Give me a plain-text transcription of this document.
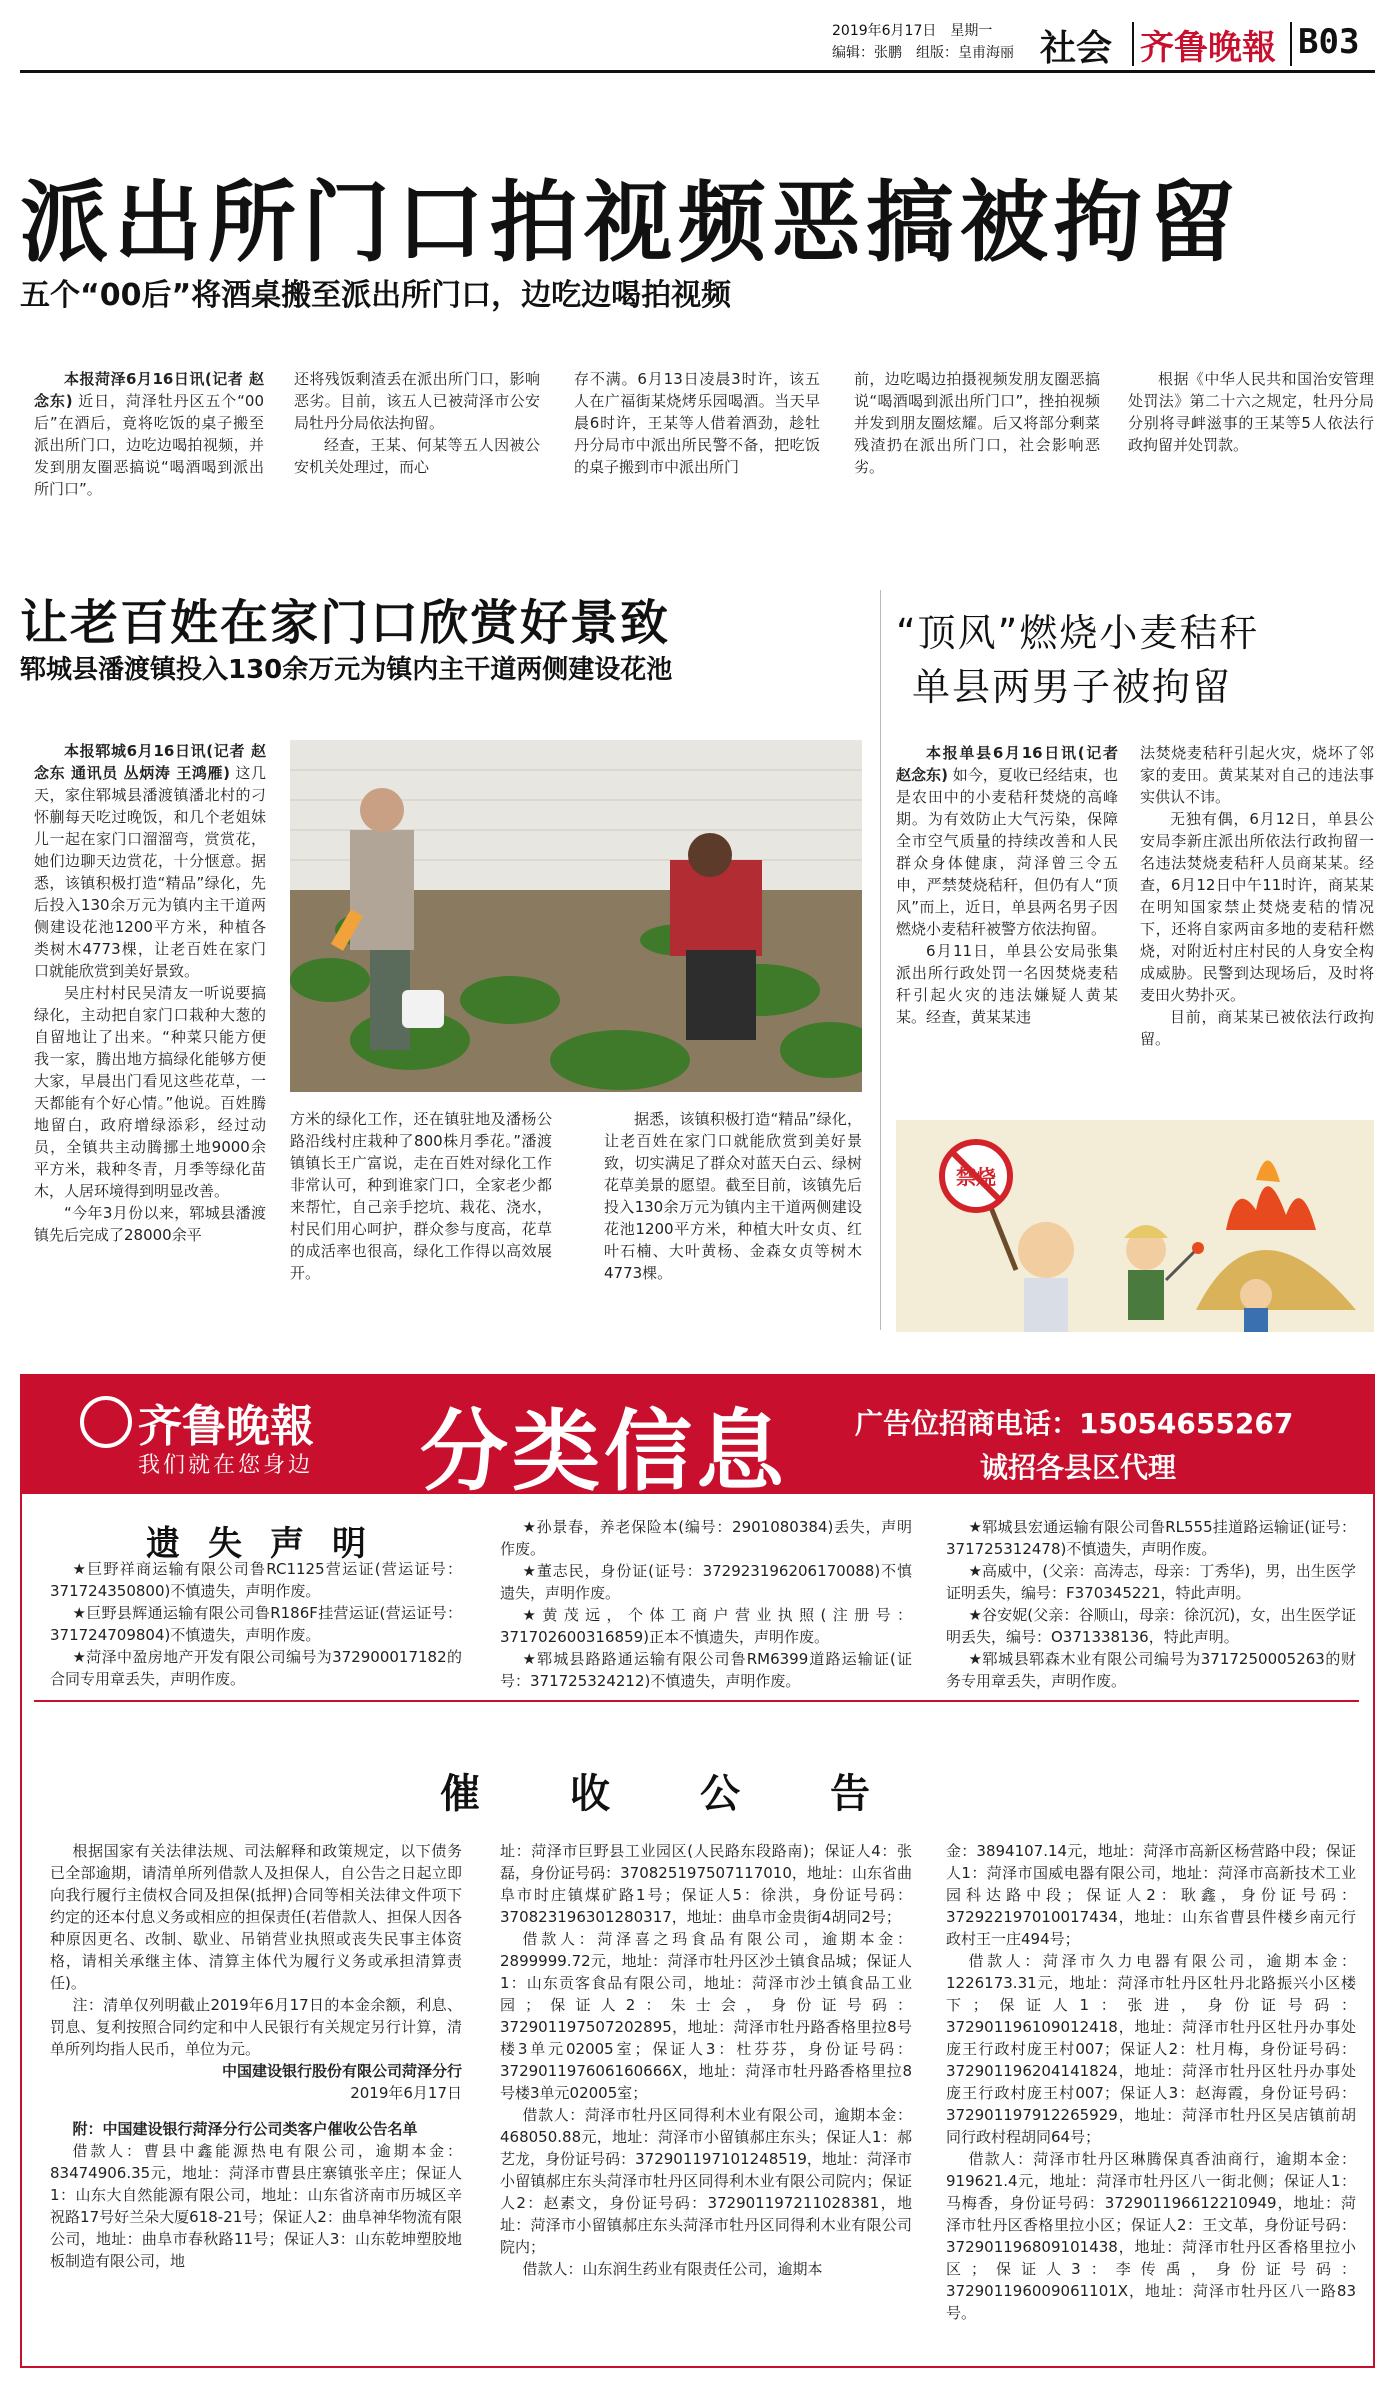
2019年6月17日　星期一
编辑：张鹏　组版：皇甫海丽 社会 齐鲁晚報 B03
派出所门口拍视频恶搞被拘留
五个“00后”将酒桌搬至派出所门口，边吃边喝拍视频

本报菏泽6月16日讯(记者 赵念东) 近日，菏泽牡丹区五个“00后”在酒后，竟将吃饭的桌子搬至派出所门口，边吃边喝拍视频，并发到朋友圈恶搞说“喝酒喝到派出所门口”。

还将残饭剩渣丢在派出所门口，影响恶劣。目前，该五人已被菏泽市公安局牡丹分局依法拘留。

经查，王某、何某等五人因被公安机关处理过，而心

存不满。6月13日凌晨3时许，该五人在广福街某烧烤乐园喝酒。当天早晨6时许，王某等人借着酒劲，趁牡丹分局市中派出所民警不备，把吃饭的桌子搬到市中派出所门

前，边吃喝边拍摄视频发朋友圈恶搞说“喝酒喝到派出所门口”，挫拍视频并发到朋友圈炫耀。后又将部分剩菜残渣扔在派出所门口，社会影响恶劣。

根据《中华人民共和国治安管理处罚法》第二十六之规定，牡丹分局分别将寻衅滋事的王某等5人依法行政拘留并处罚款。

让老百姓在家门口欣赏好景致
郓城县潘渡镇投入130余万元为镇内主干道两侧建设花池

本报郓城6月16日讯(记者 赵念东 通讯员 丛炳涛 王鸿雁) 这几天，家住郓城县潘渡镇潘北村的刁怀蒯每天吃过晚饭，和几个老姐妹儿一起在家门口溜溜弯，赏赏花，她们边聊天边赏花，十分惬意。据悉，该镇积极打造“精品”绿化，先后投入130余万元为镇内主干道两侧建设花池1200平方米，种植各类树木4773棵，让老百姓在家门口就能欣赏到美好景致。

吴庄村村民吴清友一听说要搞绿化，主动把自家门口栽种大葱的自留地让了出来。“种菜只能方便我一家，腾出地方搞绿化能够方便大家，早晨出门看见这些花草，一天都能有个好心情。”他说。百姓腾地留白，政府增绿添彩，经过动员，全镇共主动腾挪土地9000余平方米，栽种冬青，月季等绿化苗木，人居环境得到明显改善。

“今年3月份以来，郓城县潘渡镇先后完成了28000余平

方米的绿化工作，还在镇驻地及潘杨公路沿线村庄栽种了800株月季花。”潘渡镇镇长王广富说，走在百姓对绿化工作非常认可，种到谁家门口，全家老少都来帮忙，自己亲手挖坑、栽花、浇水，村民们用心呵护，群众参与度高，花草的成活率也很高，绿化工作得以高效展开。

据悉，该镇积极打造“精品”绿化，让老百姓在家门口就能欣赏到美好景致，切实满足了群众对蓝天白云、绿树花草美景的愿望。截至目前，该镇先后投入130余万元为镇内主干道两侧建设花池1200平方米，种植大叶女贞、红叶石楠、大叶黄杨、金森女贞等树木4773棵。

“顶风”燃烧小麦秸秆
单县两男子被拘留

本报单县6月16日讯(记者 赵念东) 如今，夏收已经结束，也是农田中的小麦秸秆焚烧的高峰期。为有效防止大气污染，保障全市空气质量的持续改善和人民群众身体健康，菏泽曾三令五申，严禁焚烧秸秆，但仍有人“顶风”而上，近日，单县两名男子因燃烧小麦秸秆被警方依法拘留。

6月11日，单县公安局张集派出所行政处罚一名因焚烧麦秸秆引起火灾的违法嫌疑人黄某某。经查，黄某某违

法焚烧麦秸秆引起火灾，烧坏了邻家的麦田。黄某某对自己的违法事实供认不讳。

无独有偶，6月12日，单县公安局李新庄派出所依法行政拘留一名违法焚烧麦秸秆人员商某某。经查，6月12日中午11时许，商某某在明知国家禁止焚烧麦秸的情况下，还将自家两亩多地的麦秸秆燃烧，对附近村庄村民的人身安全构成威胁。民警到达现场后，及时将麦田火势扑灭。

目前，商某某已被依法行政拘留。

禁烧
齐鲁晚報
我们就在您身边 分类信息 广告位招商电话：15054655267
诚招各县区代理
遗失声明

★巨野祥商运输有限公司鲁RC1125营运证(营运证号：371724350800)不慎遗失，声明作废。

★巨野县辉通运输有限公司鲁R186F挂营运证(营运证号：371724709804)不慎遗失，声明作废。

★菏泽中盈房地产开发有限公司编号为372900017182的合同专用章丢失，声明作废。

★孙景春，养老保险本(编号：2901080384)丢失，声明作废。

★董志民，身份证(证号：372923196206170088)不慎遗失，声明作废。

★黄茂远，个体工商户营业执照(注册号：371702600316859)正本不慎遗失，声明作废。

★郓城县路路通运输有限公司鲁RM6399道路运输证(证号：371725324212)不慎遗失，声明作废。

★郓城县宏通运输有限公司鲁RL555挂道路运输证(证号：371725312478)不慎遗失，声明作废。

★高威中，(父亲：高涛志，母亲：丁秀华)，男，出生医学证明丢失，编号：F370345221，特此声明。

★谷安妮(父亲：谷顺山，母亲：徐沉沉)，女，出生医学证明丢失，编号：O371338136，特此声明。

★郓城县郓森木业有限公司编号为3717250005263的财务专用章丢失，声明作废。

催收公告

根据国家有关法律法规、司法解释和政策规定，以下债务已全部逾期，请清单所列借款人及担保人，自公告之日起立即向我行履行主债权合同及担保(抵押)合同等相关法律文件项下约定的还本付息义务或相应的担保责任(若借款人、担保人因各种原因更名、改制、歇业、吊销营业执照或丧失民事主体资格，请相关承继主体、清算主体代为履行义务或承担清算责任)。

注：清单仅列明截止2019年6月17日的本金余额，利息、罚息、复利按照合同约定和中人民银行有关规定另行计算，清单所列均指人民币，单位为元。

中国建设银行股份有限公司菏泽分行

2019年6月17日

附：中国建设银行菏泽分行公司类客户催收公告名单

借款人：曹县中鑫能源热电有限公司，逾期本金：83474906.35元，地址：菏泽市曹县庄寨镇张辛庄；保证人1：山东大自然能源有限公司，地址：山东省济南市历城区辛祝路17号好兰朵大厦618-21号；保证人2：曲阜神华物流有限公司，地址：曲阜市春秋路11号；保证人3：山东乾坤塑胶地板制造有限公司，地

址：菏泽市巨野县工业园区(人民路东段路南)；保证人4：张磊，身份证号码：370825197507117010，地址：山东省曲阜市时庄镇煤矿路1号；保证人5：徐洪，身份证号码：370823196301280317，地址：曲阜市金贵街4胡同2号；

借款人：菏泽喜之玛食品有限公司，逾期本金：2899999.72元，地址：菏泽市牡丹区沙土镇食品城；保证人1：山东贡客食品有限公司，地址：菏泽市沙土镇食品工业园；保证人2：朱士会，身份证号码：372901197507202895，地址：菏泽市牡丹路香格里拉8号楼3单元02005室；保证人3：杜芬芬，身份证号码：372901197606160666X，地址：菏泽市牡丹路香格里拉8号楼3单元02005室；

借款人：菏泽市牡丹区同得利木业有限公司，逾期本金：468050.88元，地址：菏泽市小留镇郝庄东头；保证人1：郝艺龙，身份证号码：372901197101248519，地址：菏泽市小留镇郝庄东头菏泽市牡丹区同得利木业有限公司院内；保证人2：赵素文，身份证号码：372901197211028381，地址：菏泽市小留镇郝庄东头菏泽市牡丹区同得利木业有限公司院内；

借款人：山东润生药业有限责任公司，逾期本

金：3894107.14元，地址：菏泽市高新区杨营路中段；保证人1：菏泽市国威电器有限公司，地址：菏泽市高新技术工业园科达路中段；保证人2：耿鑫，身份证号码：372922197010017434，地址：山东省曹县件楼乡南元行政村王一庄494号；

借款人：菏泽市久力电器有限公司，逾期本金：1226173.31元，地址：菏泽市牡丹区牡丹北路振兴小区楼下；保证人1：张进，身份证号码：372901196109012418，地址：菏泽市牡丹区牡丹办事处庞王行政村庞王村007；保证人2：杜月梅，身份证号码：372901196204141824，地址：菏泽市牡丹区牡丹办事处庞王行政村庞王村007；保证人3：赵海霞，身份证号码：372901197912265929，地址：菏泽市牡丹区吴店镇前胡同行政村程胡同64号；

借款人：菏泽市牡丹区琳腾保真香油商行，逾期本金：919621.4元，地址：菏泽市牡丹区八一街北侧；保证人1：马梅香，身份证号码：372901196612210949，地址：菏泽市牡丹区香格里拉小区；保证人2：王文革，身份证号码：372901196809101438，地址：菏泽市牡丹区香格里拉小区；保证人3：李传禹，身份证号码：372901196009061101X，地址：菏泽市牡丹区八一路83号。
